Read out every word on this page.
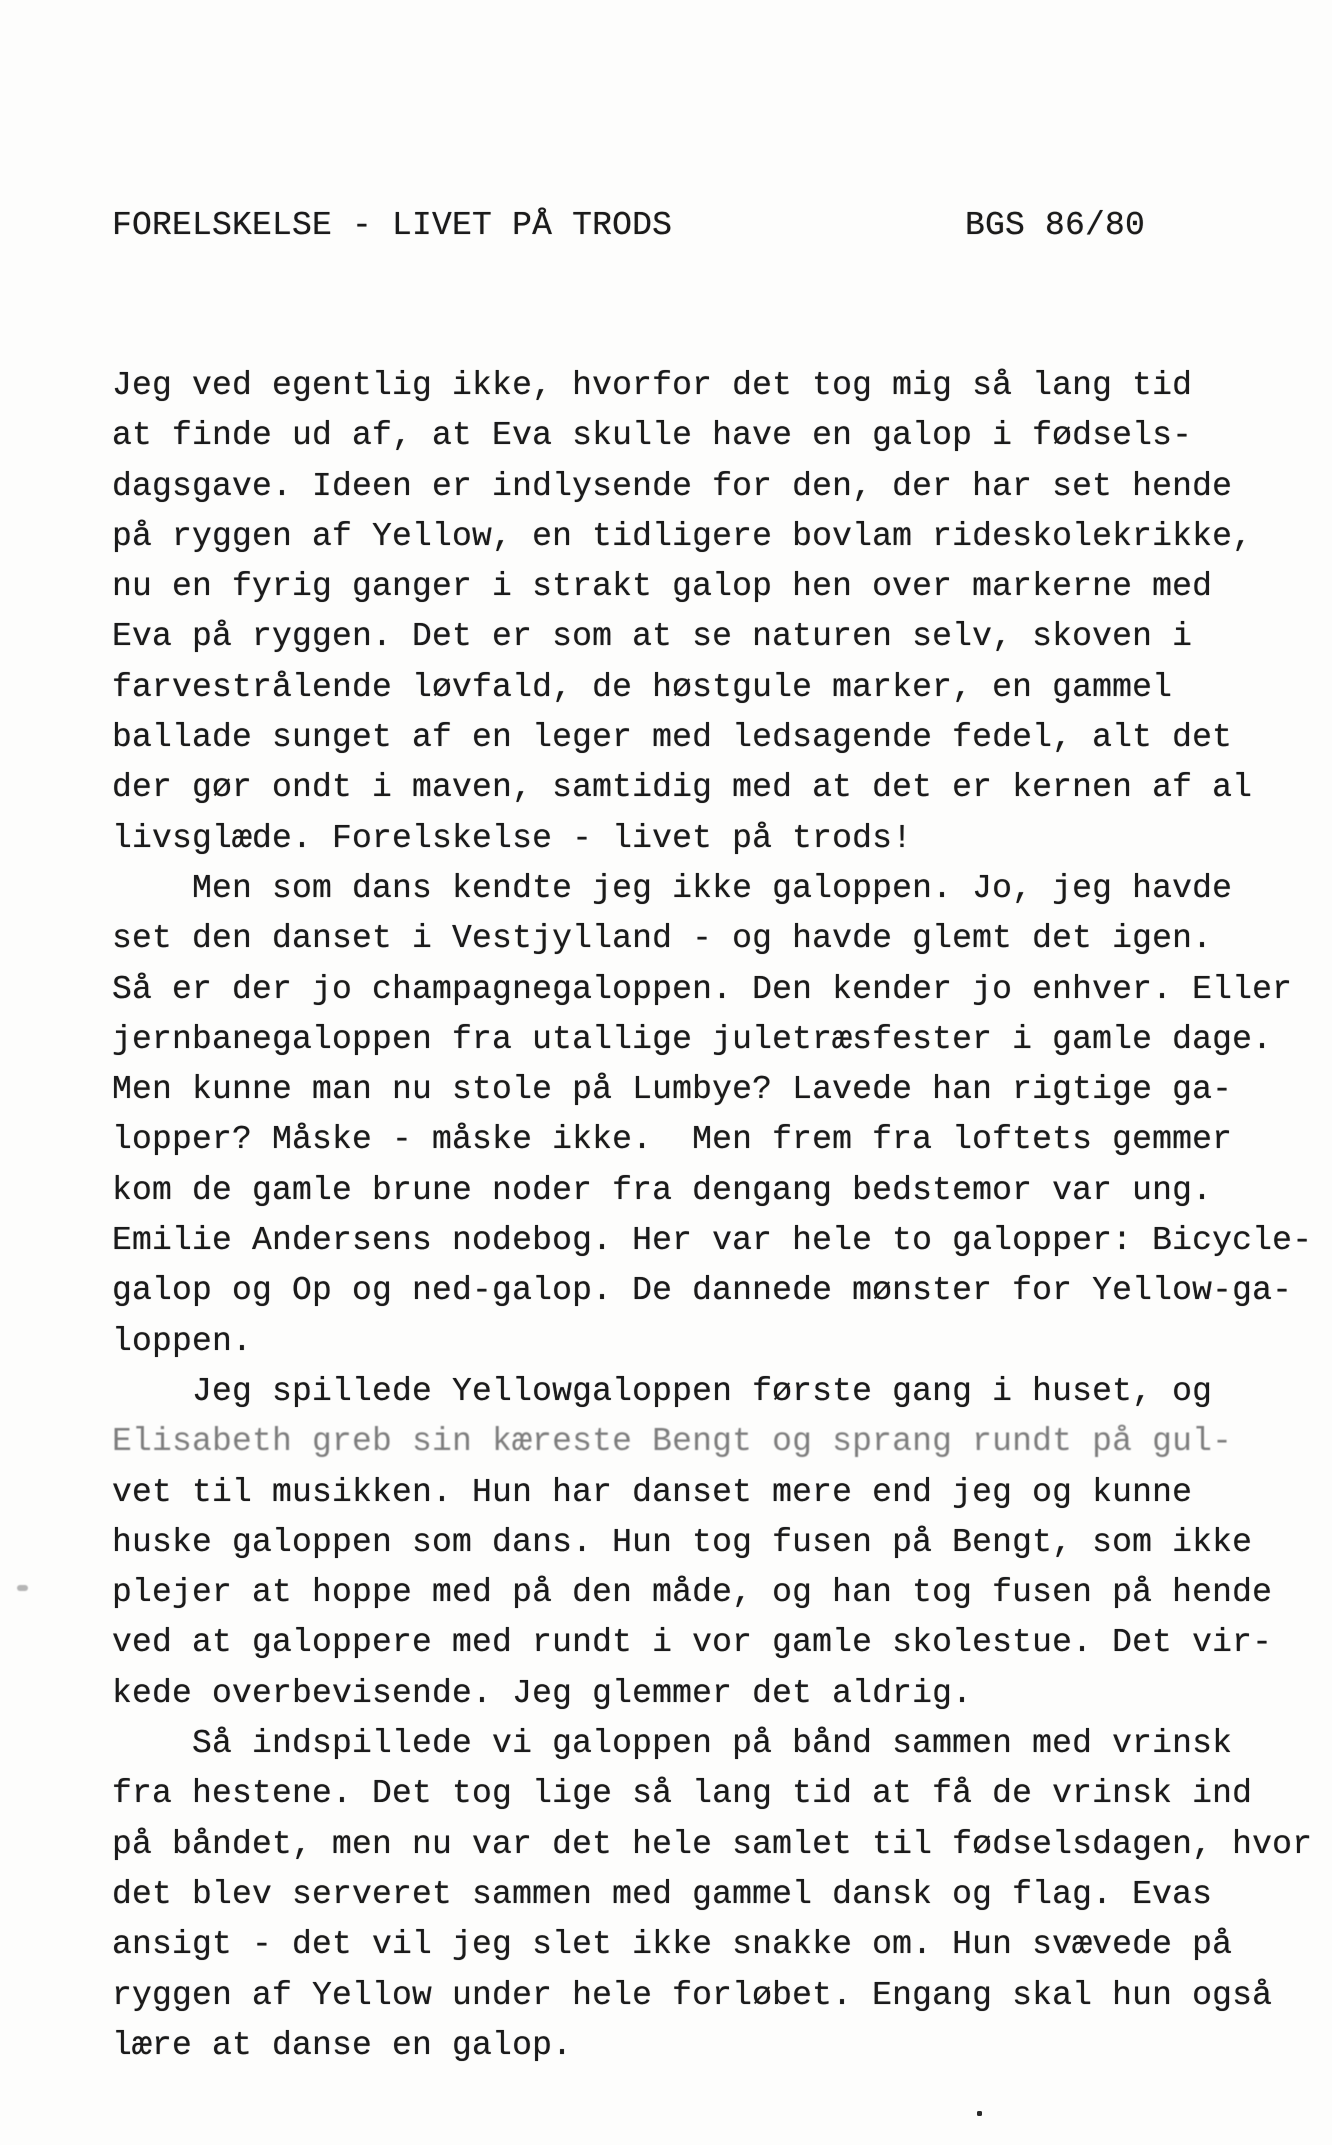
FORELSKELSE - LIVET PÅ TRODS	BGS 86/80
Jeg ved egentlig ikke, hvorfor det tog mig så lang tid
at finde ud af, at Eva skulle have en galop i fødsels-
dagsgave. Ideen er indlysende for den, der har set hende
på ryggen af Yellow, en tidligere bovlam rideskolekrikke,
nu en fyrig ganger i strakt galop hen over markerne med
Eva på ryggen. Det er som at se naturen selv, skoven i
farvestrålende løvfald, de høstgule marker, en gammel
ballade sunget af en leger med ledsagende fedel, alt det
der gør ondt i maven, samtidig med at det er kernen af al
livsglæde. Forelskelse - livet på trods!
Men som dans kendte jeg ikke galoppen. Jo, jeg havde
set den danset i Vestjylland - og havde glemt det igen.
Så er der jo champagnegaloppen. Den kender jo enhver. Eller
jernbanegaloppen fra utallige juletræsfester i gamle dage.
Men kunne man nu stole på Lumbye? Lavede han rigtige ga-
lopper? Måske - måske ikke.  Men frem fra loftets gemmer
kom de gamle brune noder fra dengang bedstemor var ung.
Emilie Andersens nodebog. Her var hele to galopper: Bicycle-
galop og Op og ned-galop. De dannede mønster for Yellow-ga-
loppen.
Jeg spillede Yellowgaloppen første gang i huset, og
Elisabeth greb sin kæreste Bengt og sprang rundt på gul-
vet til musikken. Hun har danset mere end jeg og kunne
huske galoppen som dans. Hun tog fusen på Bengt, som ikke
plejer at hoppe med på den måde, og han tog fusen på hende
ved at galoppere med rundt i vor gamle skolestue. Det vir-
kede overbevisende. Jeg glemmer det aldrig.
Så indspillede vi galoppen på bånd sammen med vrinsk
fra hestene. Det tog lige så lang tid at få de vrinsk ind
på båndet, men nu var det hele samlet til fødselsdagen, hvor
det blev serveret sammen med gammel dansk og flag. Evas
ansigt - det vil jeg slet ikke snakke om. Hun svævede på
ryggen af Yellow under hele forløbet. Engang skal hun også
lære at danse en galop.
